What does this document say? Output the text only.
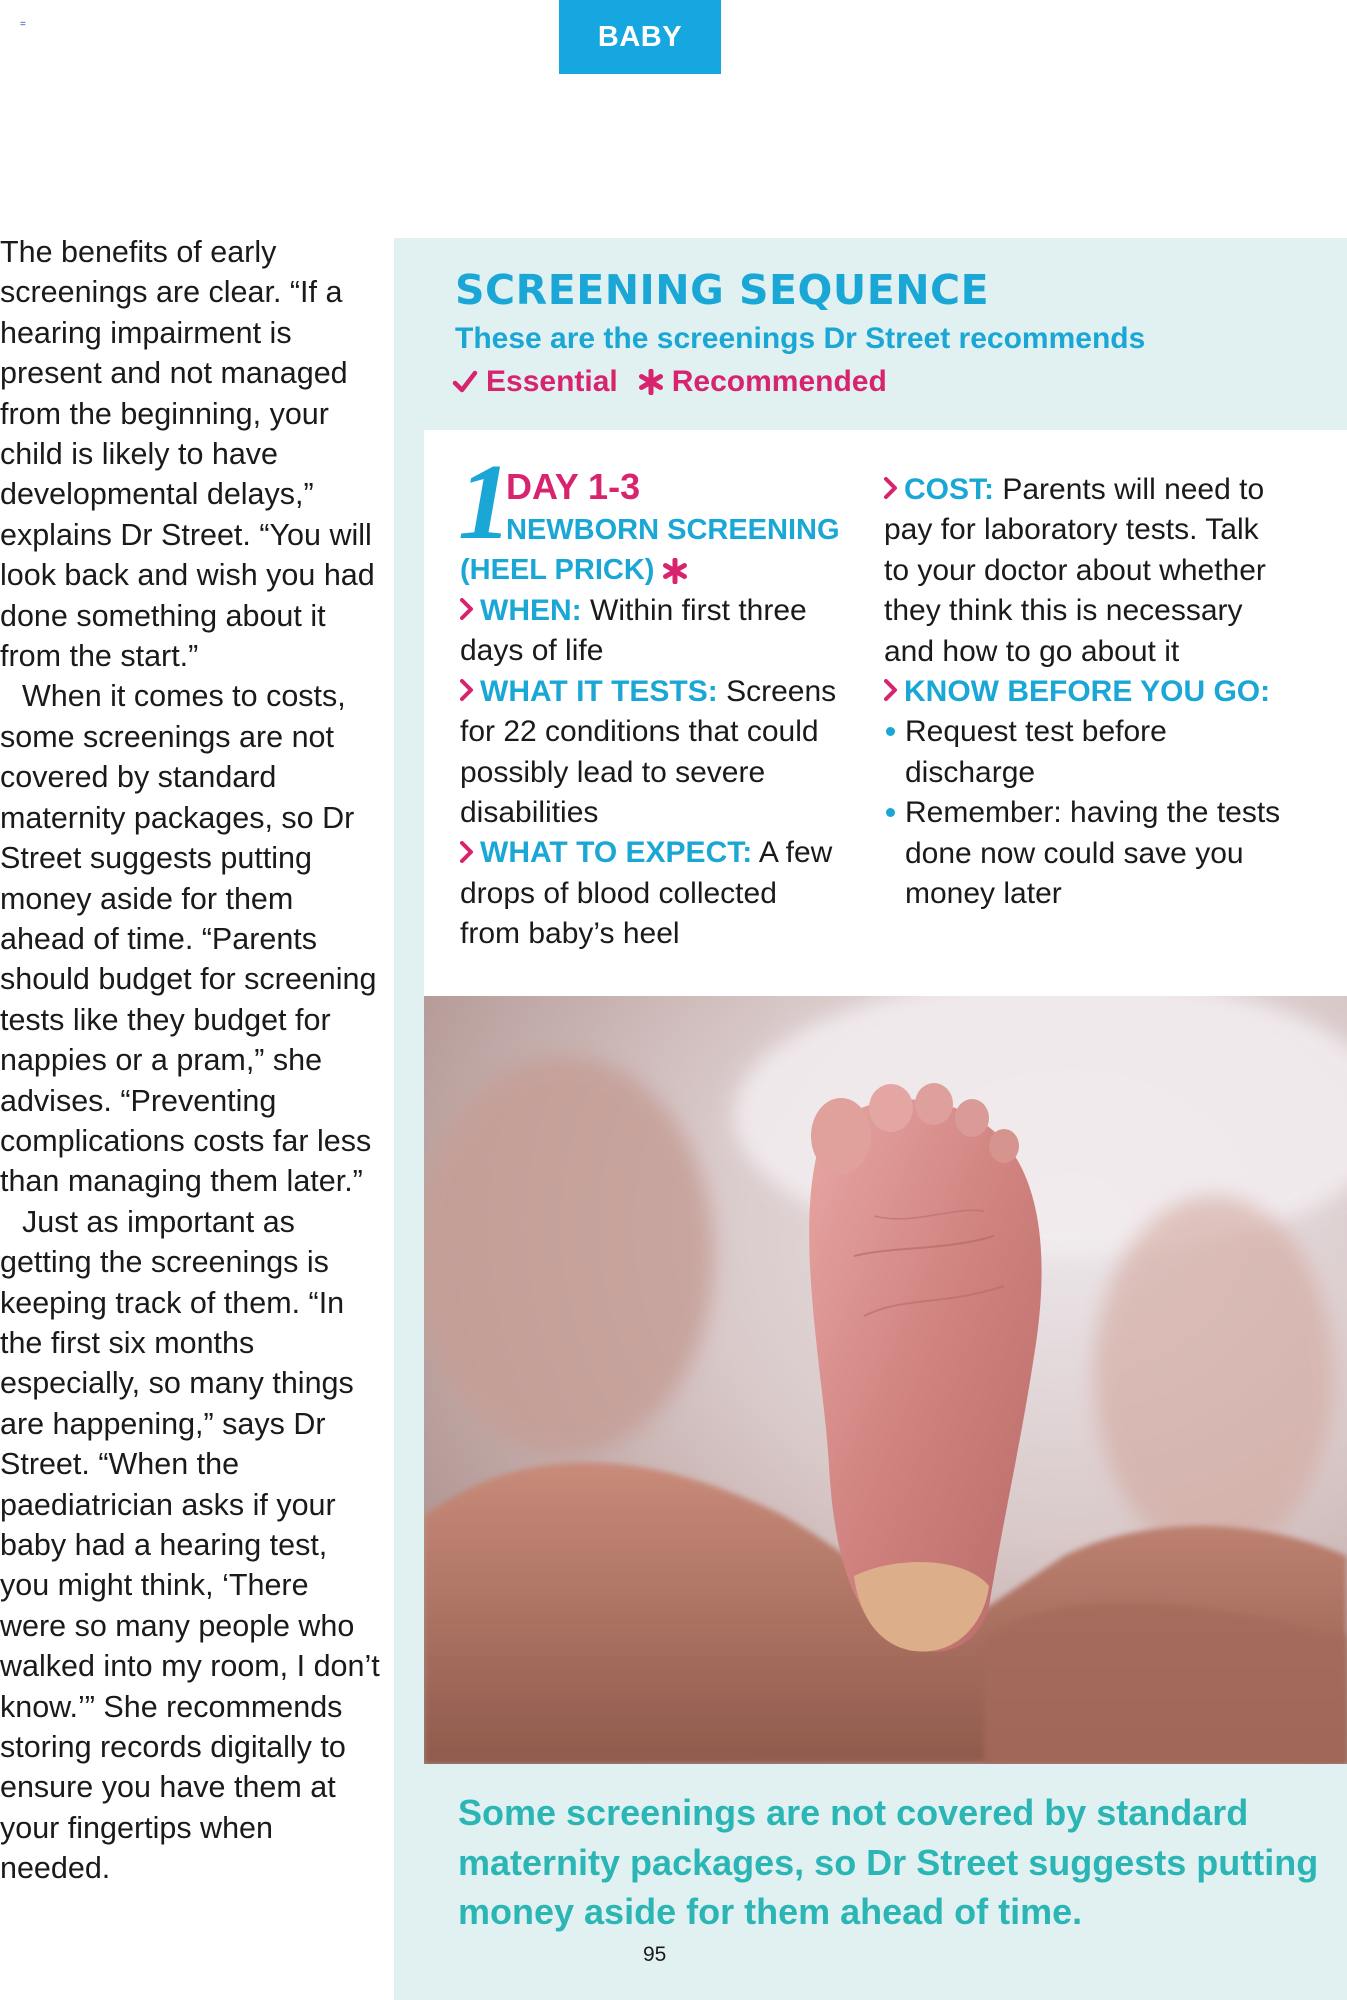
=	BABY

The benefits of early screenings are clear. “If a hearing impairment is present and not managed from the beginning, your child is likely to have developmental delays,” explains Dr Street. “You will look back and wish you had done something about it from the start.”

When it comes to costs, some screenings are not covered by standard maternity packages, so Dr Street suggests putting money aside for them ahead of time. “Parents should budget for screening tests like they budget for nappies or a pram,” she advises. “Preventing complications costs far less than managing them later.”

Just as important as getting the screenings is keeping track of them. “In the first six months especially, so many things are happening,” says Dr Street. “When the paediatrician asks if your baby had a hearing test, you might think, ‘There were so many people who walked into my room, I don’t know.’” She recommends storing records digitally to ensure you have them at your fingertips when needed.

SCREENING SEQUENCE
These are the screenings Dr Street recommends
Essential Recommended
1
DAY 1-3
NEWBORN SCREENING
(HEEL PRICK)

WHEN: Within first three days of life

WHAT IT TESTS: Screens for 22 conditions that could possibly lead to severe disabilities

WHAT TO EXPECT: A few drops of blood collected from baby’s heel

COST: Parents will need to pay for laboratory tests. Talk to your doctor about whether they think this is necessary and how to go about it

KNOW BEFORE YOU GO:

Request test before discharge

Remember: having the tests done now could save you money later

Some screenings are not covered by standard maternity packages, so Dr Street suggests putting money aside for them ahead of time.
95
